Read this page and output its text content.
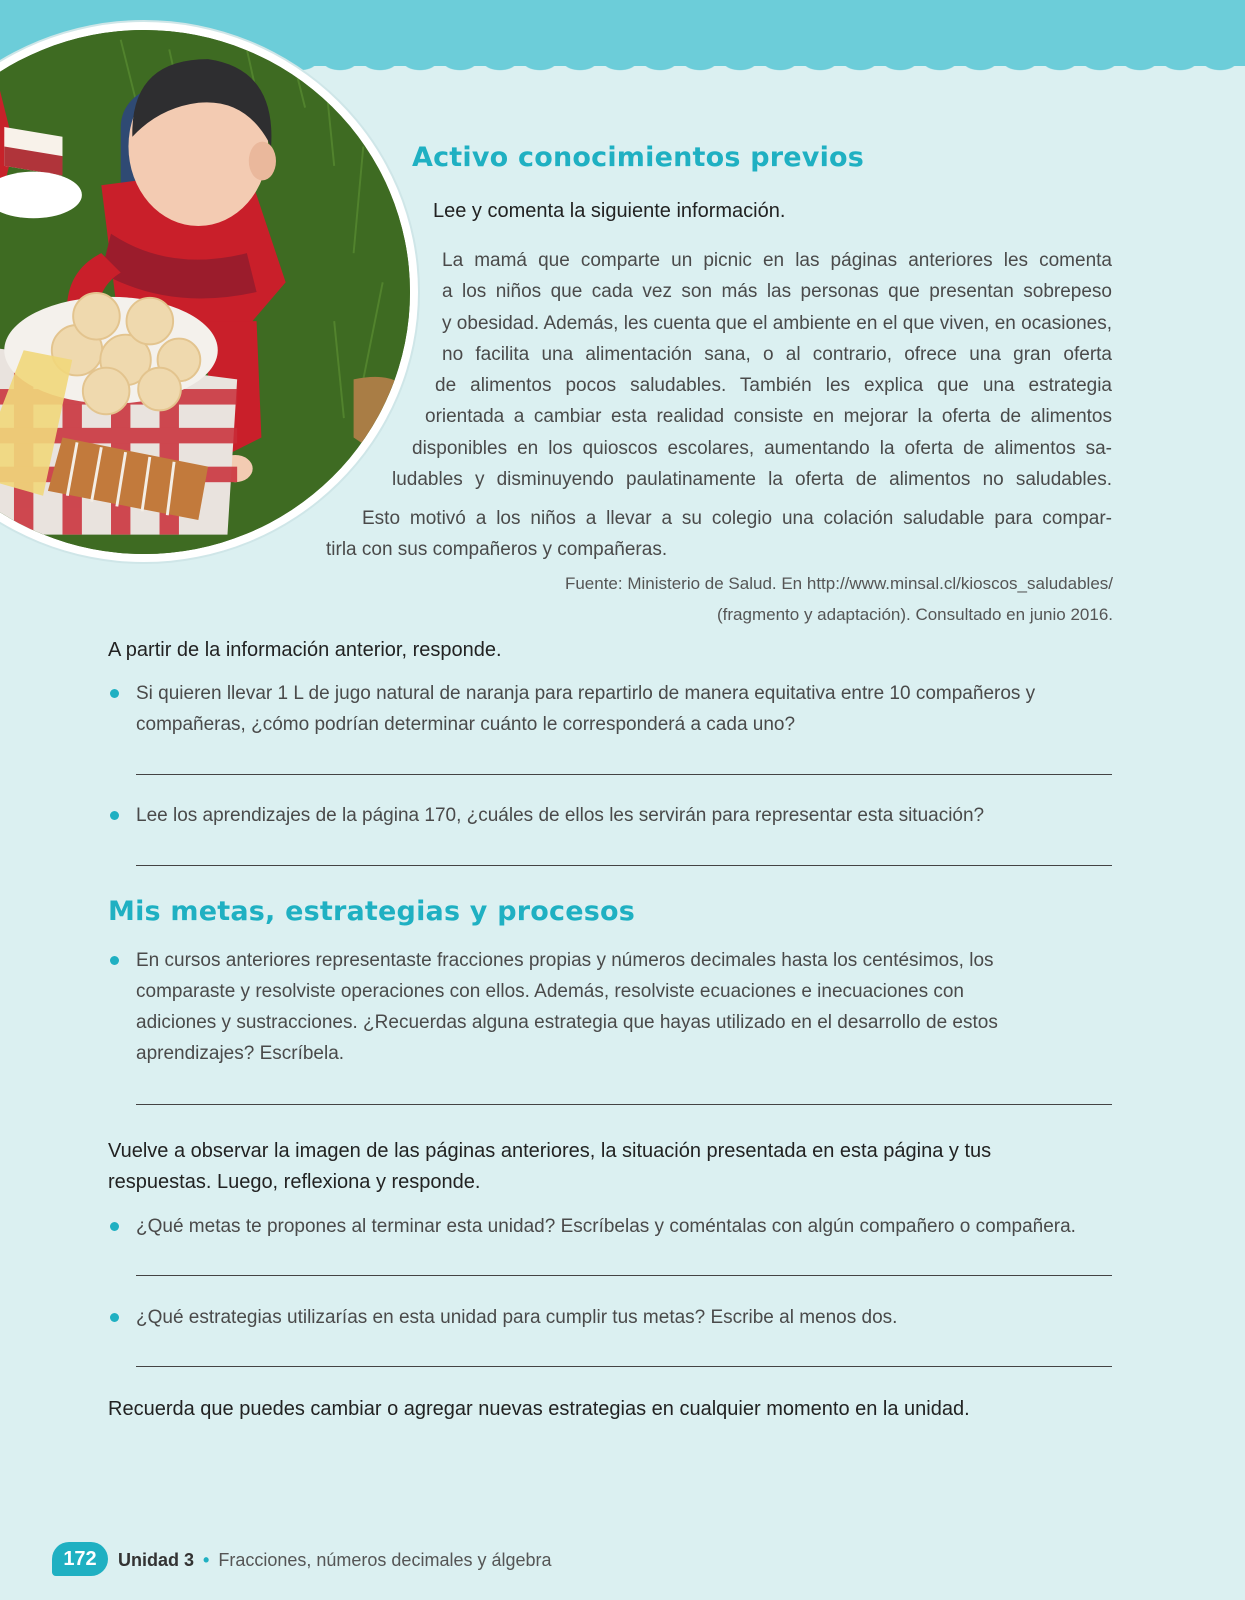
Activo conocimientos previos
Lee y comenta la siguiente información.
La mamá que comparte un picnic en las páginas anteriores les comenta
a los niños que cada vez son más las personas que presentan sobrepeso
y obesidad. Además, les cuenta que el ambiente en el que viven, en ocasiones,
no facilita una alimentación sana, o al contrario, ofrece una gran oferta
de alimentos pocos saludables. También les explica que una estrategia
orientada a cambiar esta realidad consiste en mejorar la oferta de alimentos
disponibles en los quioscos escolares, aumentando la oferta de alimentos sa-
ludables y disminuyendo paulatinamente la oferta de alimentos no saludables.
Esto motivó a los niños a llevar a su colegio una colación saludable para compar-
tirla con sus compañeros y compañeras.
Fuente: Ministerio de Salud. En http://www.minsal.cl/kioscos_saludables/
(fragmento y adaptación). Consultado en junio 2016.
A partir de la información anterior, responde.
Si quieren llevar 1 L de jugo natural de naranja para repartirlo de manera equitativa entre 10 compañeros y
compañeras, ¿cómo podrían determinar cuánto le corresponderá a cada uno?
Lee los aprendizajes de la página 170, ¿cuáles de ellos les servirán para representar esta situación?
Mis metas, estrategias y procesos
En cursos anteriores representaste fracciones propias y números decimales hasta los centésimos, los
comparaste y resolviste operaciones con ellos. Además, resolviste ecuaciones e inecuaciones con
adiciones y sustracciones. ¿Recuerdas alguna estrategia que hayas utilizado en el desarrollo de estos
aprendizajes? Escríbela.
Vuelve a observar la imagen de las páginas anteriores, la situación presentada en esta página y tus
respuestas. Luego, reflexiona y responde.
¿Qué metas te propones al terminar esta unidad? Escríbelas y coméntalas con algún compañero o compañera.
¿Qué estrategias utilizarías en esta unidad para cumplir tus metas? Escribe al menos dos.
Recuerda que puedes cambiar o agregar nuevas estrategias en cualquier momento en la unidad.
172	Unidad 3 • Fracciones, números decimales y álgebra
